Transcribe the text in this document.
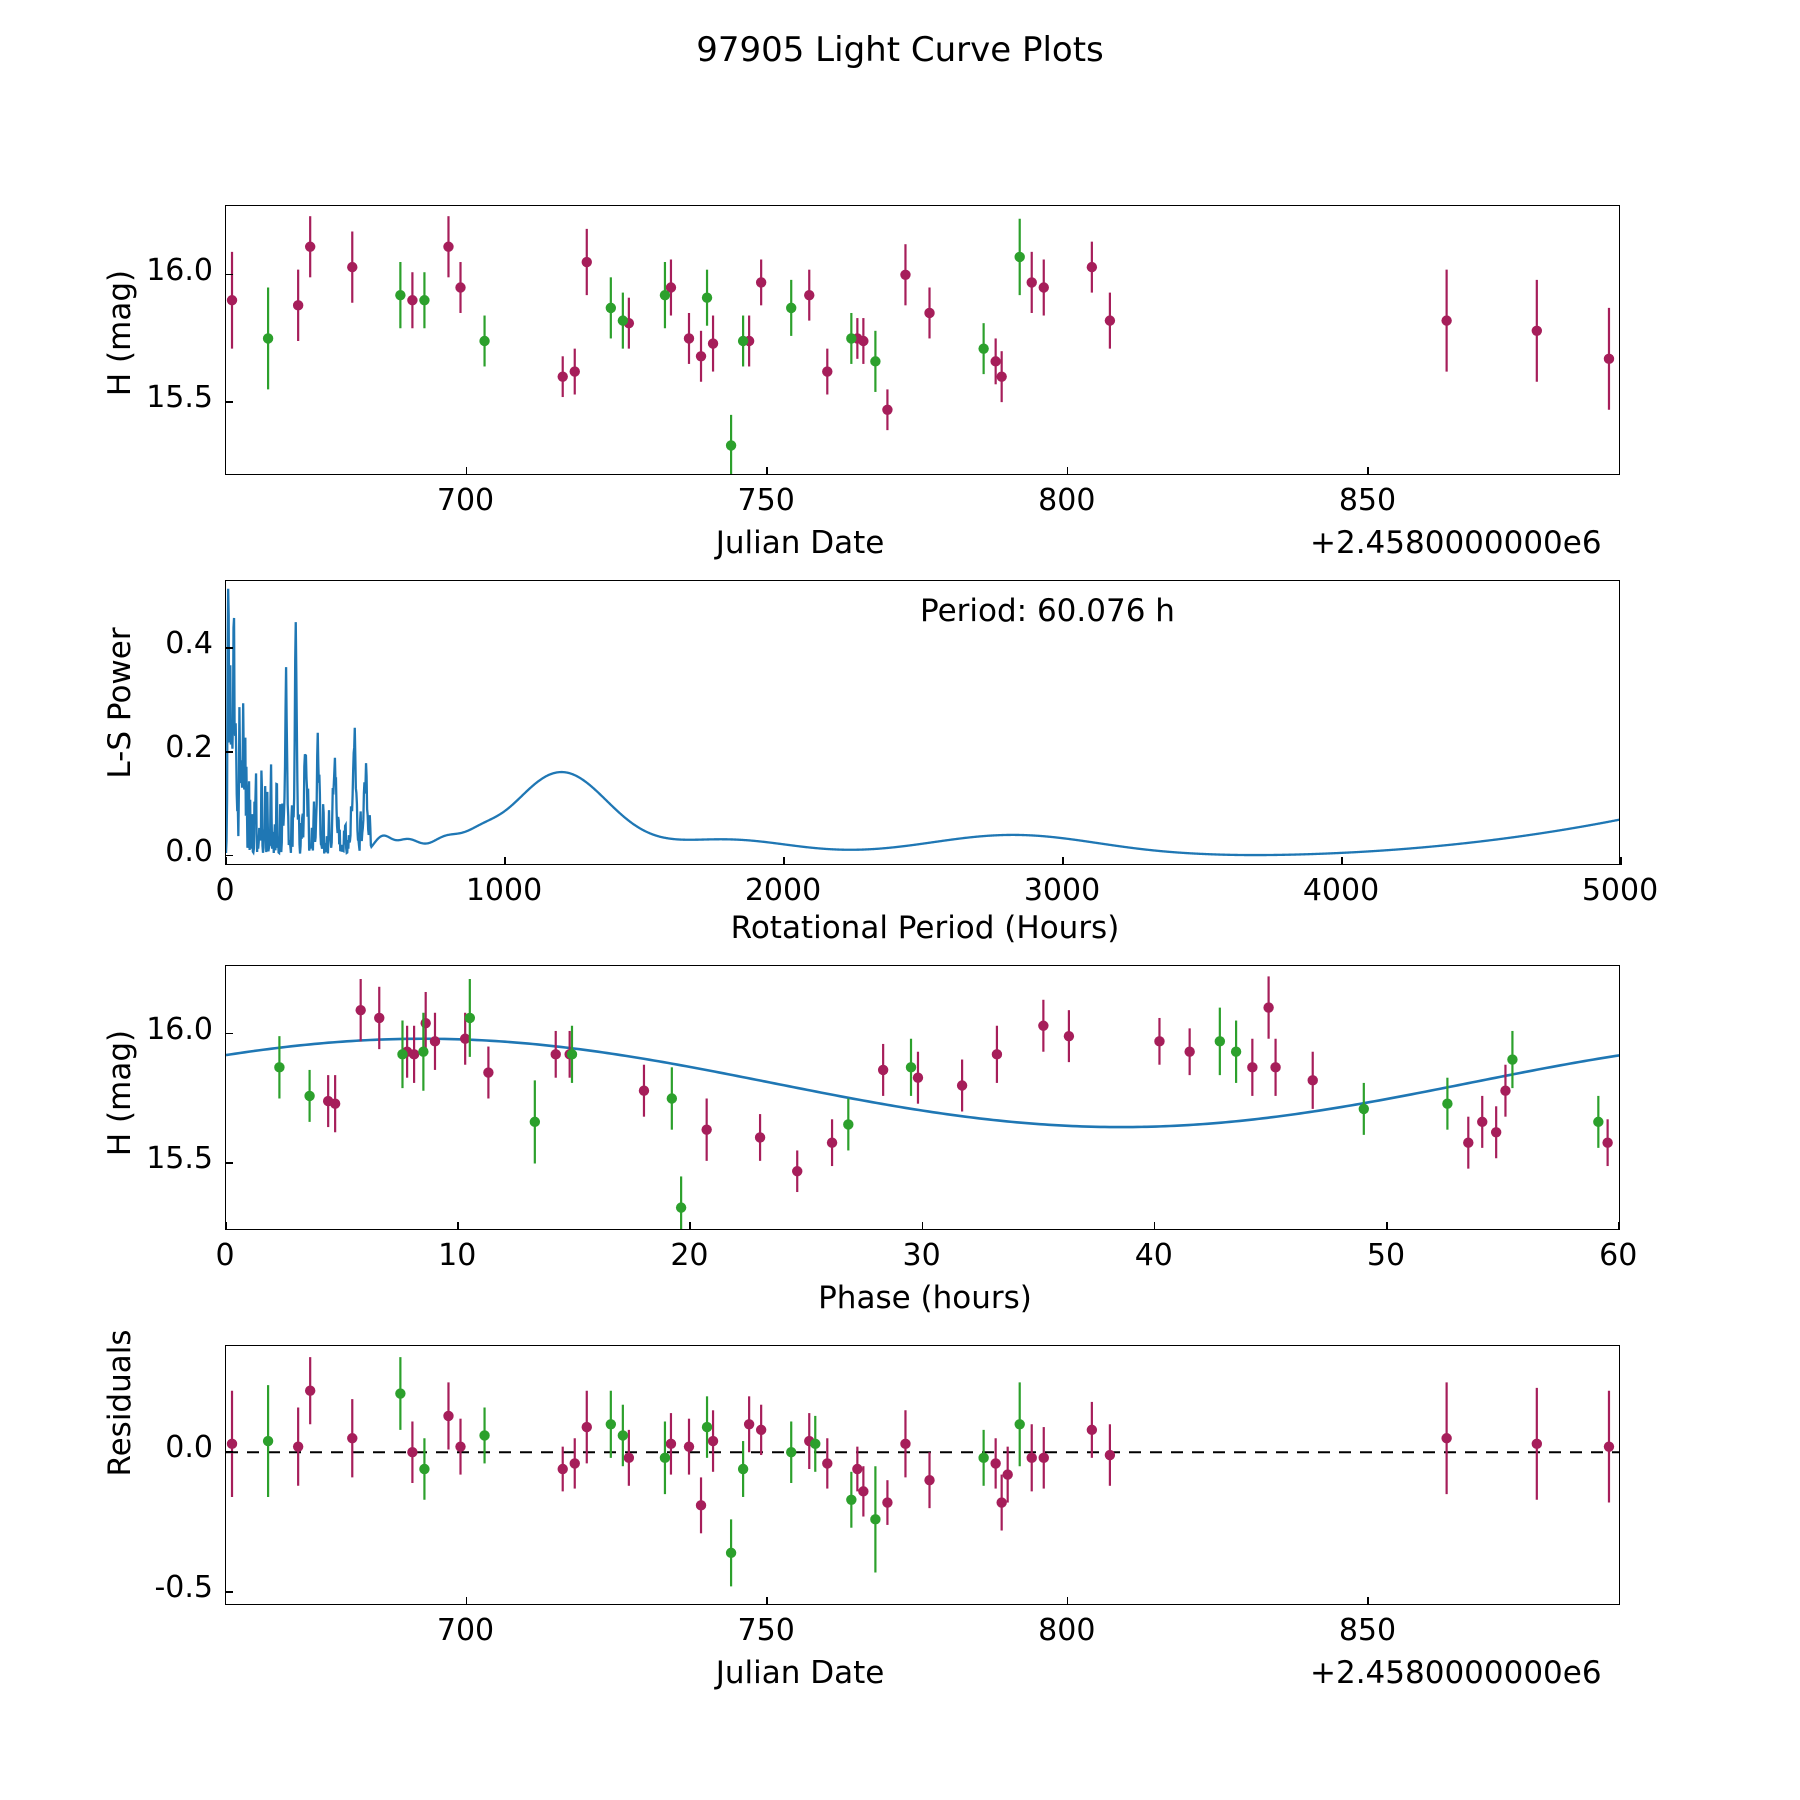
97905 Light Curve Plots
H (mag)
Julian Date	+2.4580000000e6
Period: 60.076 h
L-S Power
Rotational Period (Hours)
H (mag)
Phase (hours)
Residuals
Julian Date	+2.4580000000e6
700	750	800	850
15.5
16.0
0	1000	2000	3000	4000	5000
0.0
0.2
0.4
0	10	20	30	40	50	60
15.5
16.0
700	750	800	850
-0.5
0.0
